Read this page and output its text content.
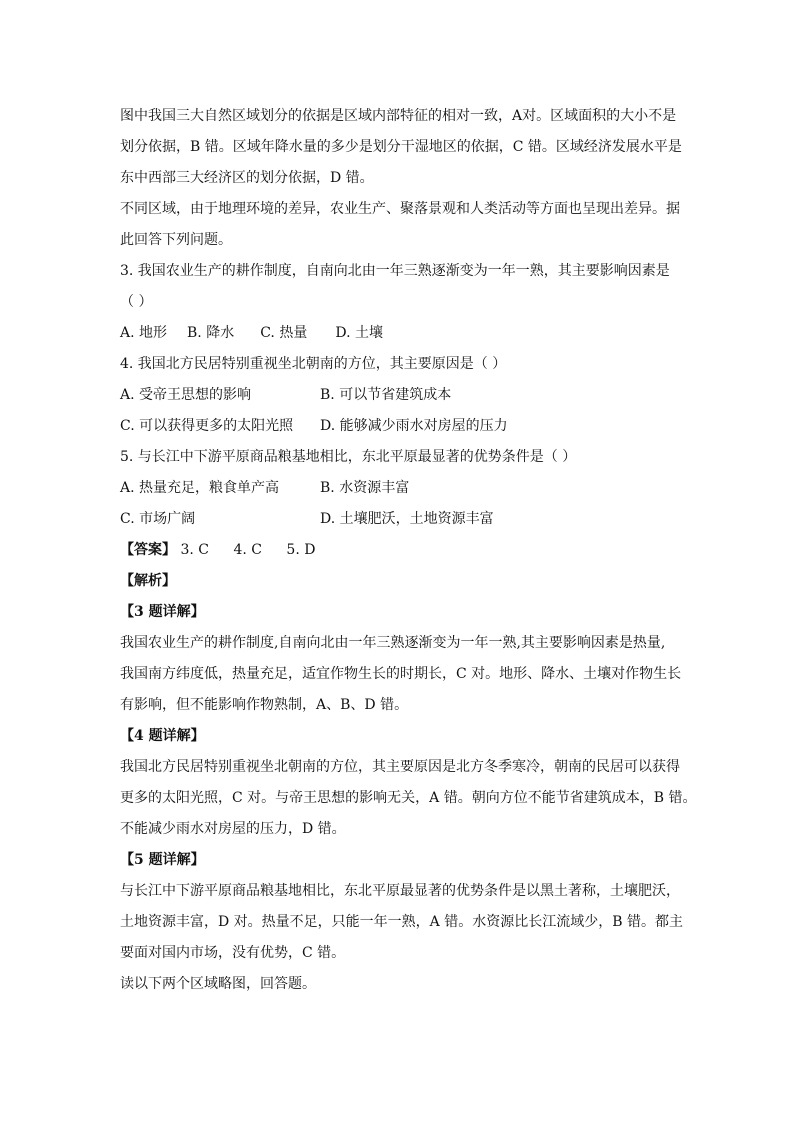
图中我国三大自然区域划分的依据是区域内部特征的相对一致，A对。区域面积的大小不是
划分依据，B 错。区域年降水量的多少是划分干湿地区的依据，C 错。区域经济发展水平是
东中西部三大经济区的划分依据，D 错。
不同区域，由于地理环境的差异，农业生产、聚落景观和人类活动等方面也呈现出差异。据
此回答下列问题。
3. 我国农业生产的耕作制度，自南向北由一年三熟逐渐变为一年一熟，其主要影响因素是
（ ）
A. 地形 B. 降水 C. 热量 D. 土壤
4. 我国北方民居特别重视坐北朝南的方位，其主要原因是（ ）
A. 受帝王思想的影响	B. 可以节省建筑成本
C. 可以获得更多的太阳光照	D. 能够减少雨水对房屋的压力
5. 与长江中下游平原商品粮基地相比，东北平原最显著的优势条件是（ ）
A. 热量充足，粮食单产高	B. 水资源丰富
C. 市场广阔	D. 土壤肥沃，土地资源丰富
【答案】 3. C 4. C 5. D
【解析】
【3 题详解】
我国农业生产的耕作制度,自南向北由一年三熟逐渐变为一年一熟,其主要影响因素是热量,
我国南方纬度低，热量充足，适宜作物生长的时期长，C 对。地形、降水、土壤对作物生长
有影响，但不能影响作物熟制，A、B、D 错。
【4 题详解】
我国北方民居特别重视坐北朝南的方位，其主要原因是北方冬季寒冷，朝南的民居可以获得
更多的太阳光照，C 对。与帝王思想的影响无关，A 错。朝向方位不能节省建筑成本，B 错。
不能减少雨水对房屋的压力，D 错。
【5 题详解】
与长江中下游平原商品粮基地相比，东北平原最显著的优势条件是以黑土著称，土壤肥沃，
土地资源丰富，D 对。热量不足，只能一年一熟，A 错。水资源比长江流域少，B 错。都主
要面对国内市场，没有优势，C 错。
读以下两个区域略图，回答题。
